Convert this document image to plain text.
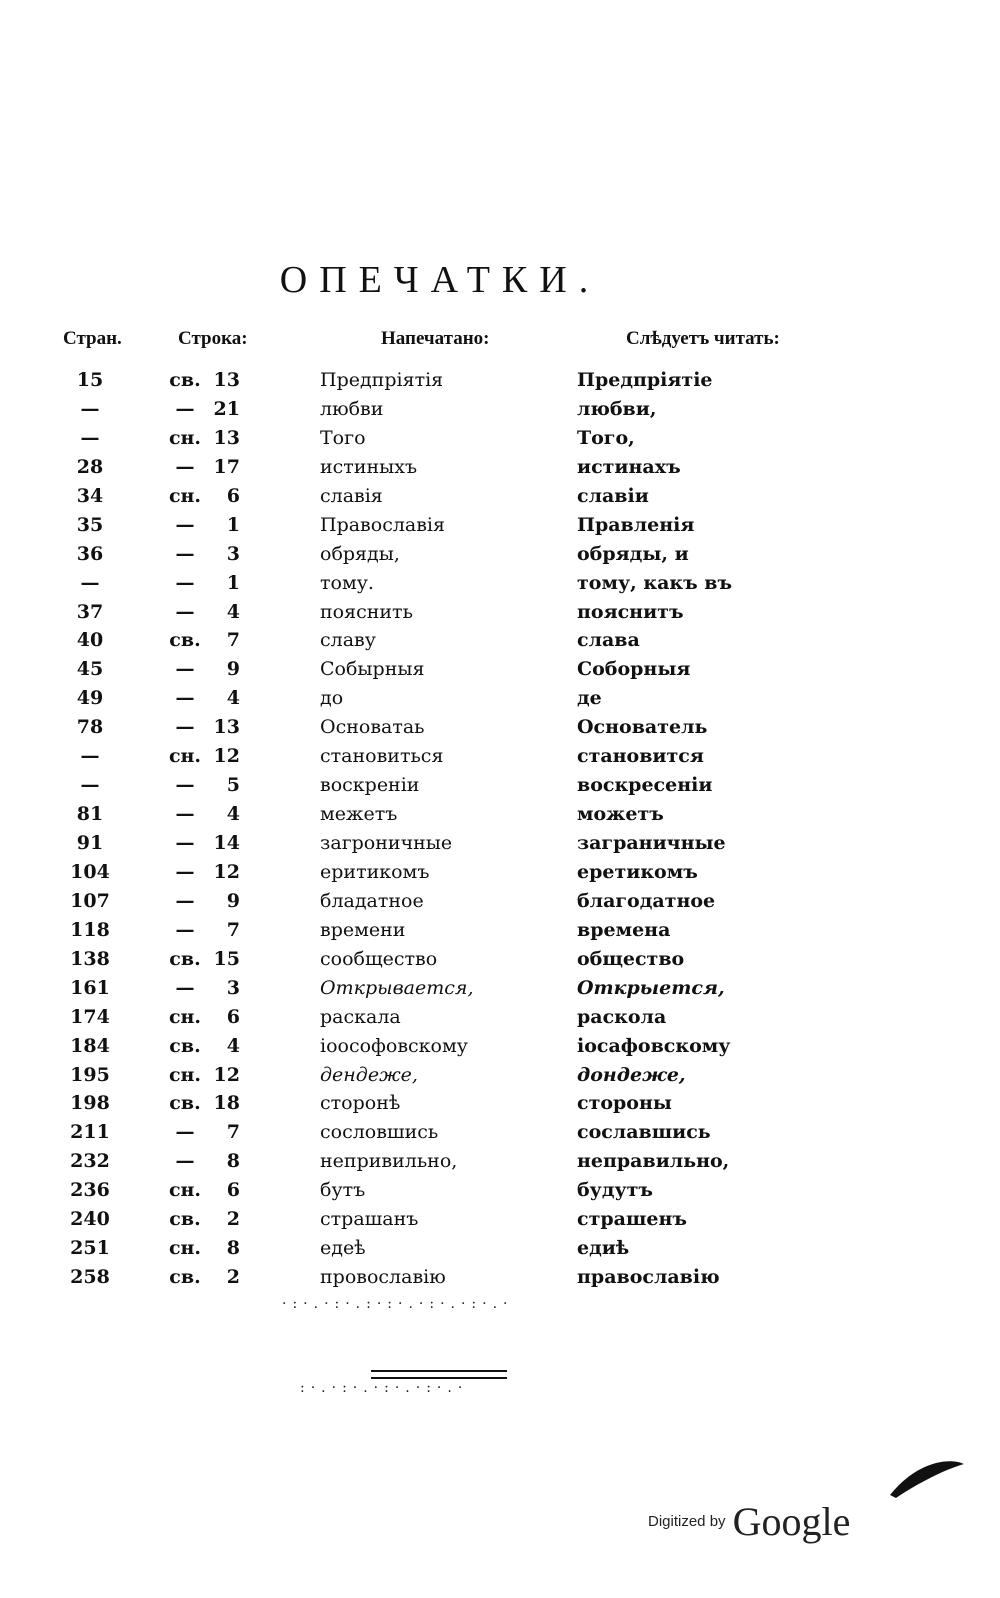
ОПЕЧАТКИ.
Стран.	Строка:	Напечатано:	Слѣдуетъ читать:
15	св. 13	Предпріятія	Предпріятіе
—	—	21	любви	любви,
—	сн. 13	Того	Того,
28	—	17	истиныхъ	истинахъ
34	сн.	6	славія	славіи
35	—	1	Православія	Правленія
36	—	3	обряды,	обряды, и
—	—	1	тому.	тому, какъ въ
37	—	4	пояснить	пояснитъ
40	св.	7	славу	слава
45	—	9	Собырныя	Соборныя
49	—	4	до	де
78	—	13	Основатаь	Основатель
—	сн. 12	становиться	становится
—	—	5	воскреніи	воскресеніи
81	—	4	межетъ	можетъ
91	—	14	загроничные	заграничные
104	—	12	еритикомъ	еретикомъ
107	—	9	бладатное	благодатное
118	—	7	времени	времена
138	св. 15	сообщество	общество
161	—	3	Открывается,	Открыется,
174	сн.	6	раскала	раскола
184	св.	4	іоософовскому	іосафовскому
195	сн. 12	дендеже,	дондеже,
198	св. 18	сторонѣ	стороны
211	—	7	сословшись	сославшись
232	—	8	непривильно,	неправильно,
236	сн.	6	бутъ	будутъ
240	св.	2	страшанъ	страшенъ
251	сн.	8	едеѣ	едиѣ
258	св.	2	провославію	православію
·:·.·:·.:·:·.·:·.·:·.·
:·.·:·.·:·.·:·.·
Digitized by Google
